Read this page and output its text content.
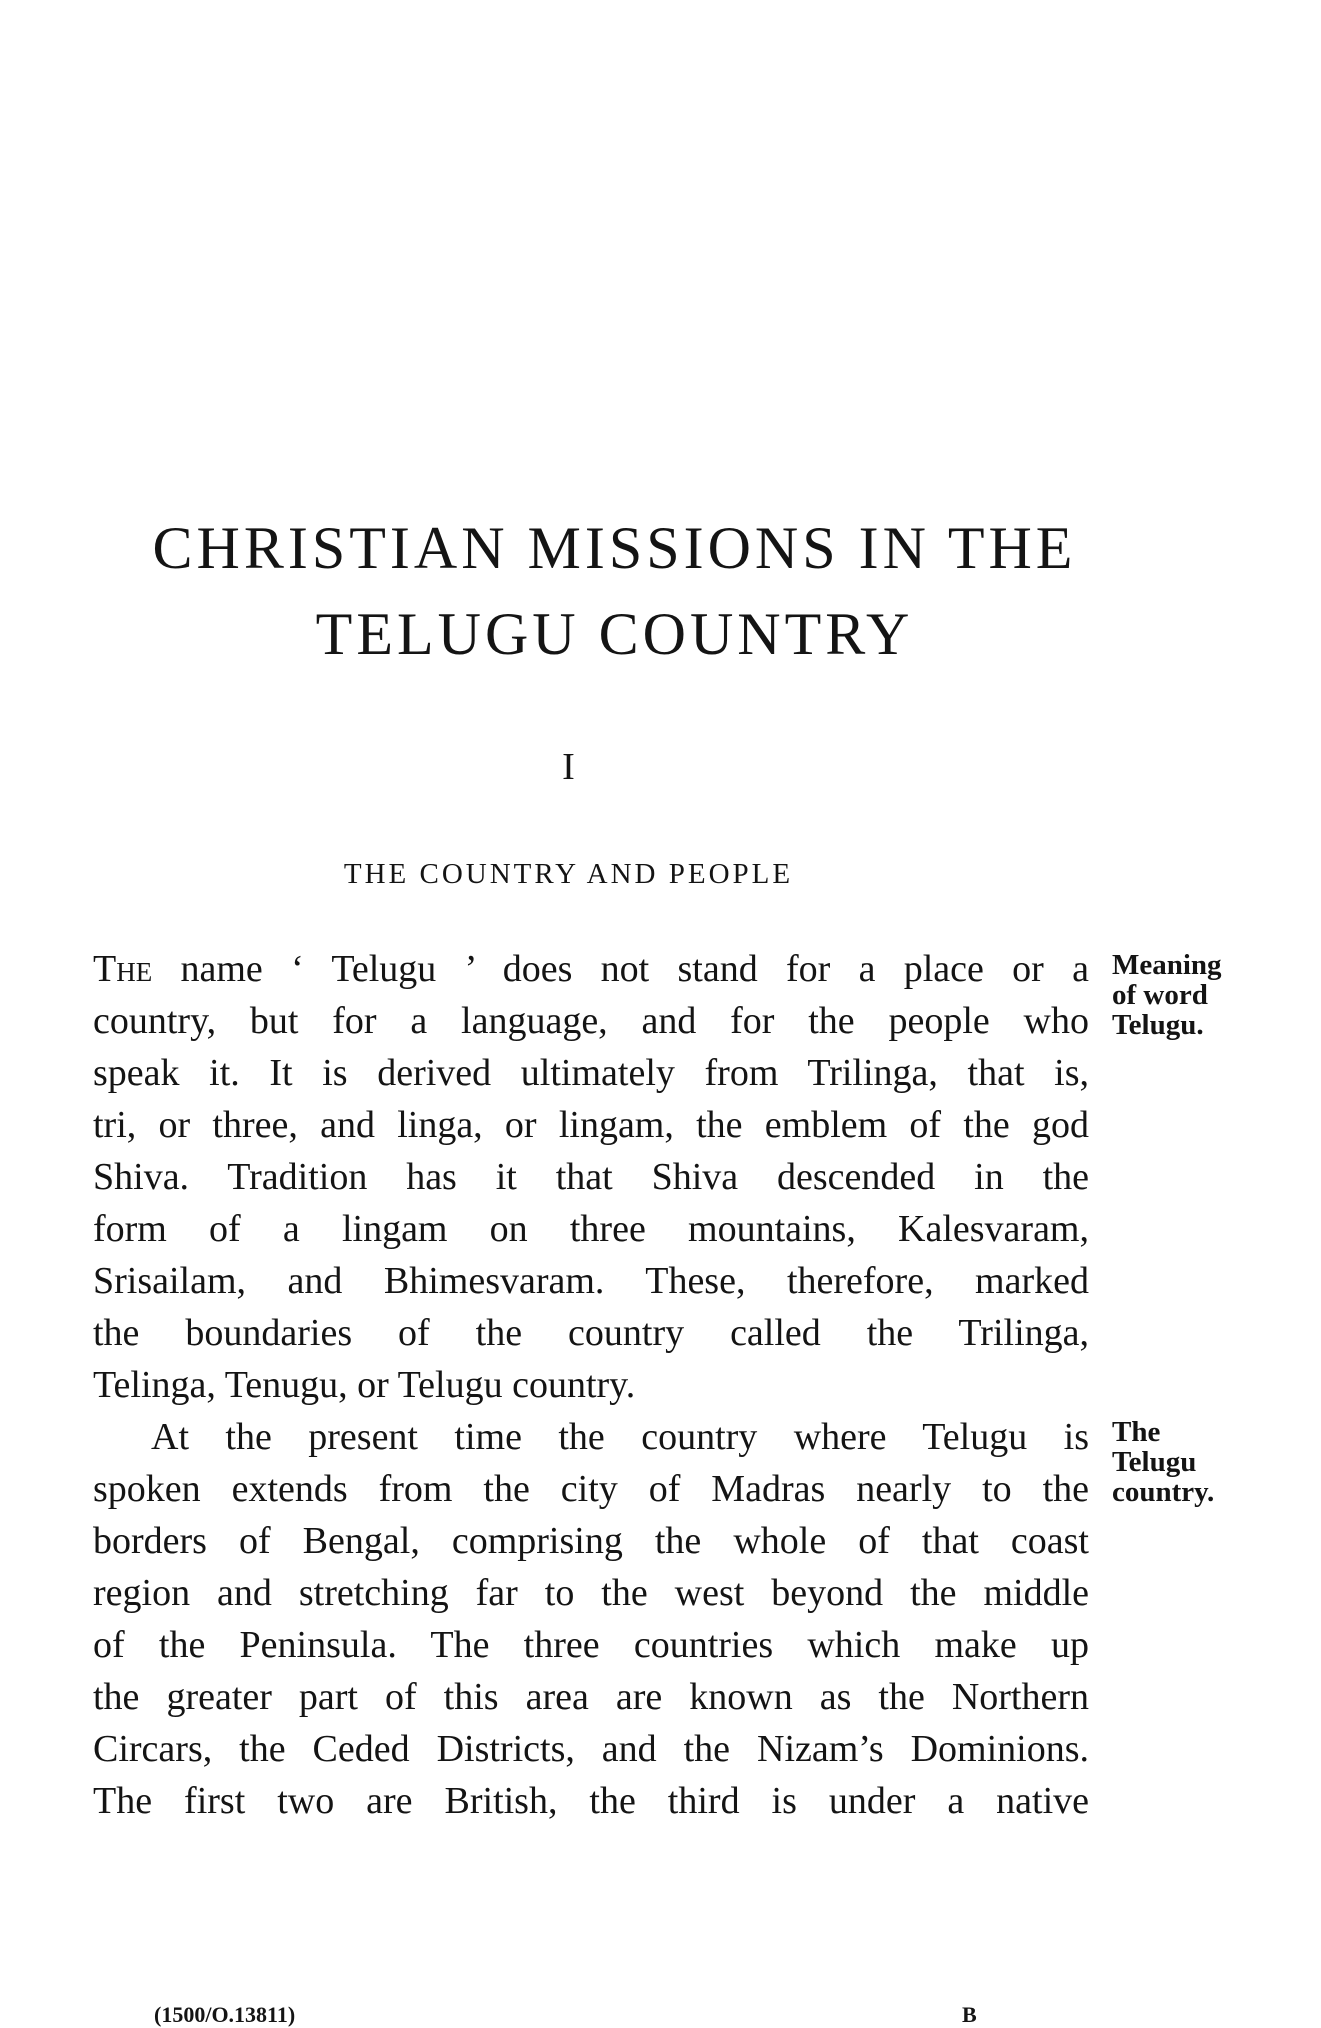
CHRISTIAN MISSIONS IN THE
TELUGU COUNTRY
I
THE COUNTRY AND PEOPLE
The name ‘ Telugu ’ does not stand for a place or a
country, but for a language, and for the people who
speak it. It is derived ultimately from Trilinga, that is,
tri, or three, and linga, or lingam, the emblem of the god
Shiva. Tradition has it that Shiva descended in the
form of a lingam on three mountains, Kalesvaram,
Srisailam, and Bhimesvaram. These, therefore, marked
the boundaries of the country called the Trilinga,
Telinga, Tenugu, or Telugu country.
At the present time the country where Telugu is
spoken extends from the city of Madras nearly to the
borders of Bengal, comprising the whole of that coast
region and stretching far to the west beyond the middle
of the Peninsula. The three countries which make up
the greater part of this area are known as the Northern
Circars, the Ceded Districts, and the Nizam’s Dominions.
The first two are British, the third is under a native
Meaning
of word
Telugu.
The
Telugu
country.
(1500/O.13811)	B
